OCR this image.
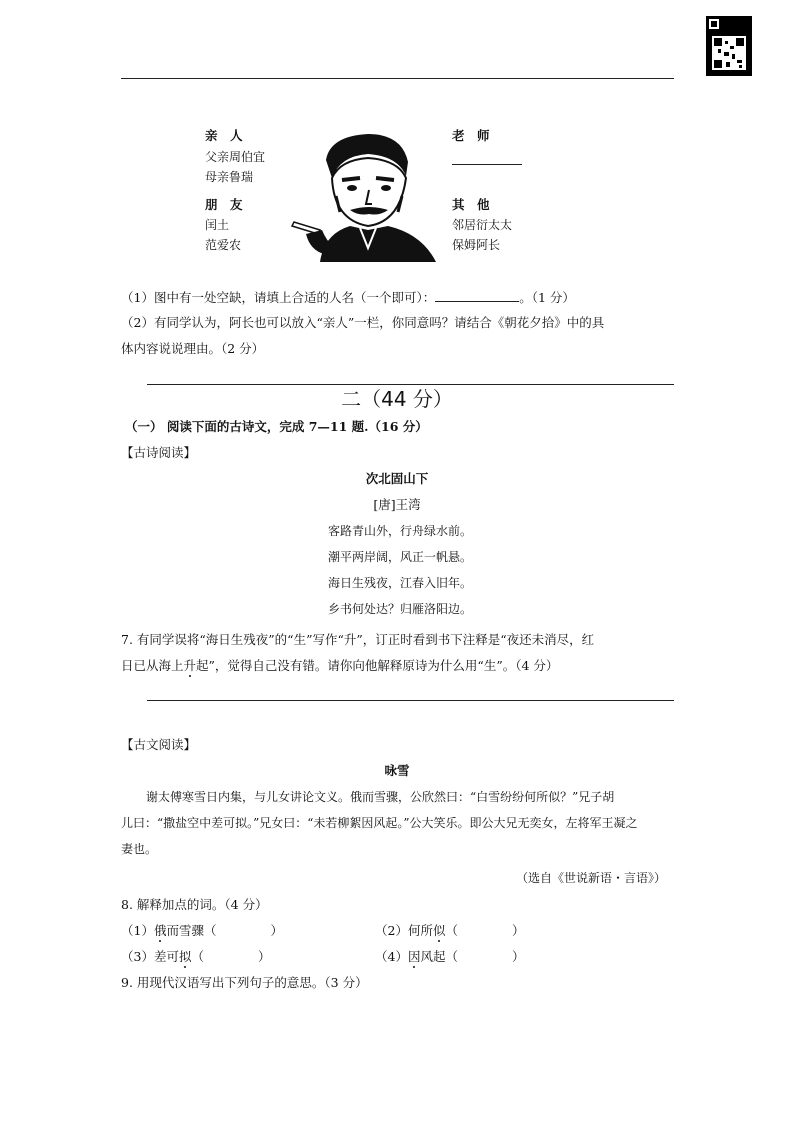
亲　人
父亲周伯宜
母亲鲁瑞
朋　友
闰土
范爱农
老　师
其　他
邻居衍太太
保姆阿长
（1）图中有一处空缺，请填上合适的人名（一个即可）：	。（1 分）
（2）有同学认为，阿长也可以放入“亲人”一栏，你同意吗？请结合《朝花夕拾》中的具
体内容说说理由。（2 分）
二（44 分）
（一） 阅读下面的古诗文，完成 7—11 题.（16 分）
【古诗阅读】
次北固山下
[唐]王湾
客路青山外，行舟绿水前。
潮平两岸阔，风正一帆悬。
海日生残夜，江春入旧年。
乡书何处达？归雁洛阳边。
7. 有同学误将“海日生残夜”的“生”写作“升”，订正时看到书下注释是“夜还未消尽，红
日已从海上升起”，觉得自己没有错。请你向他解释原诗为什么用“生”。（4 分）
【古文阅读】
咏雪
谢太傅寒雪日内集，与儿女讲论文义。俄而雪骤，公欣然曰：“白雪纷纷何所似？”兄子胡
儿曰：“撒盐空中差可拟。”兄女曰：“未若柳絮因风起。”公大笑乐。即公大兄无奕女，左将军王凝之
妻也。
（选自《世说新语・言语》）
8. 解释加点的词。（4 分）
（1）俄而雪骤（	）	（2）何所似（	）
（3）差可拟（	）	（4）因风起（	）
9. 用现代汉语写出下列句子的意思。（3 分）
